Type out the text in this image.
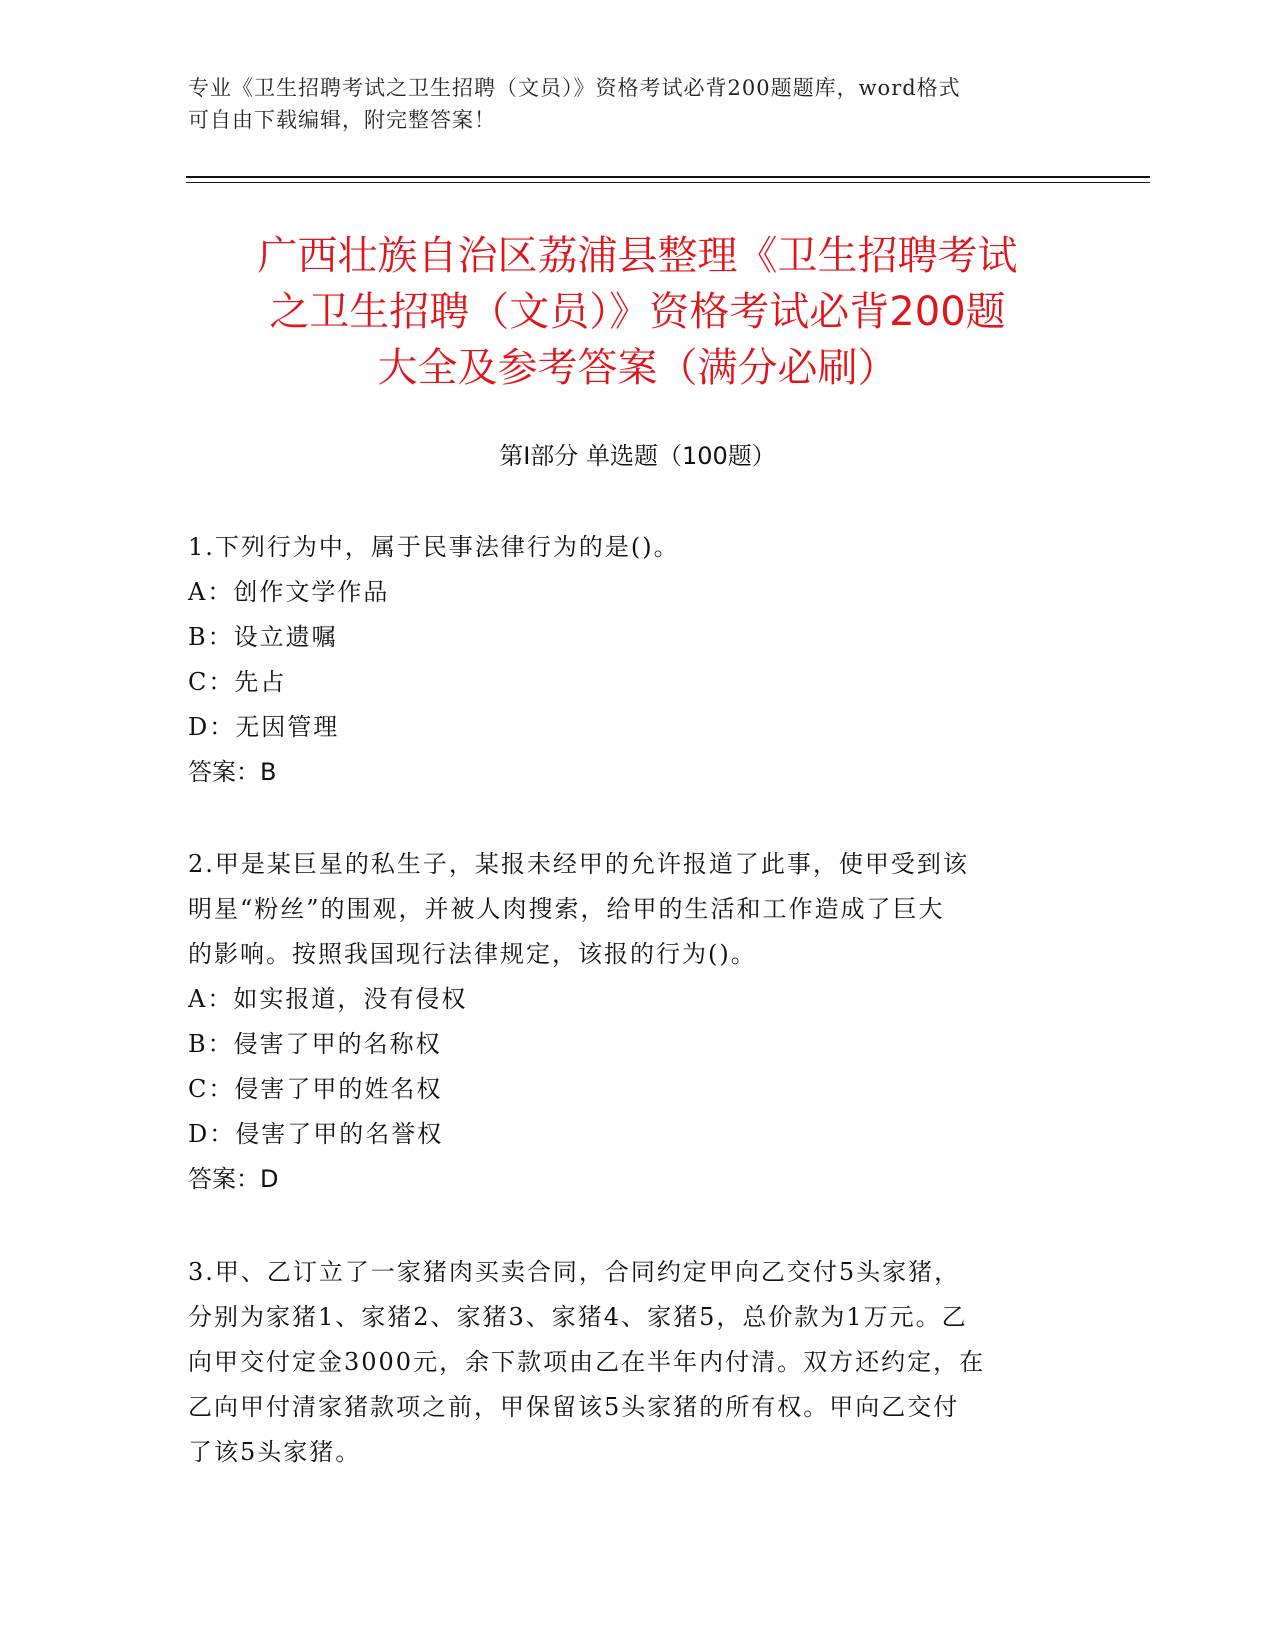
专业《卫生招聘考试之卫生招聘（文员）》资格考试必背200题题库，word格式
可自由下载编辑，附完整答案！
广西壮族自治区荔浦县整理《卫生招聘考试
之卫生招聘（文员）》资格考试必背200题
大全及参考答案（满分必刷）
第Ⅰ部分 单选题（100题）
1.下列行为中，属于民事法律行为的是()。
A：创作文学作品
B：设立遗嘱
C：先占
D：无因管理
答案：B
2.甲是某巨星的私生子，某报未经甲的允许报道了此事，使甲受到该
明星“粉丝”的围观，并被人肉搜索，给甲的生活和工作造成了巨大
的影响。按照我国现行法律规定，该报的行为()。
A：如实报道，没有侵权
B：侵害了甲的名称权
C：侵害了甲的姓名权
D：侵害了甲的名誉权
答案：D
3.甲、乙订立了一家猪肉买卖合同，合同约定甲向乙交付5头家猪，
分别为家猪1、家猪2、家猪3、家猪4、家猪5，总价款为1万元。乙
向甲交付定金3000元，余下款项由乙在半年内付清。双方还约定，在
乙向甲付清家猪款项之前，甲保留该5头家猪的所有权。甲向乙交付
了该5头家猪。
